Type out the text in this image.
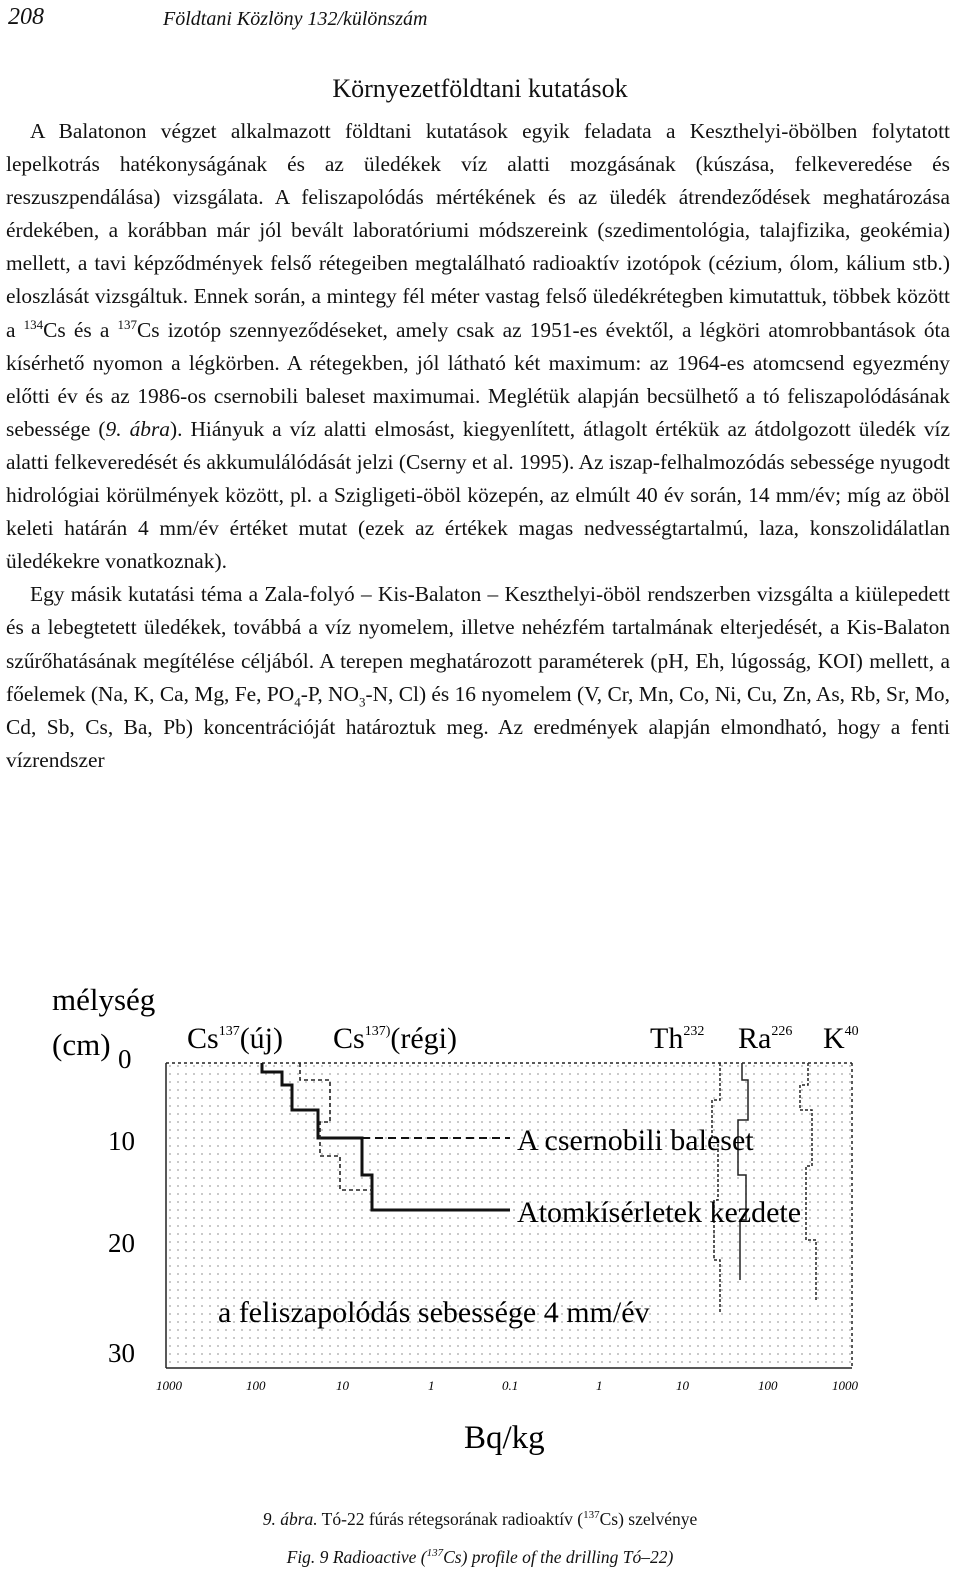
208	Földtani Közlöny 132/különszám
Környezetföldtani kutatások

A Balatonon végzet alkalmazott földtani kutatások egyik feladata a Keszthelyi-öbölben folytatott lepelkotrás hatékonyságának és az üledékek víz alatti mozgásának (kúszása, felkeveredése és reszuszpendálása) vizsgálata. A feliszapolódás mértékének és az üledék átrendeződések meghatározása érdekében, a korábban már jól bevált laboratóriumi módszereink (szedimentológia, talajfizika, geokémia) mellett, a tavi képződmények felső rétegeiben megtalálható radioaktív izotópok (cézium, ólom, kálium stb.) eloszlását vizsgáltuk. Ennek során, a mintegy fél méter vastag felső üledékrétegben kimutattuk, többek között a $^{134}$Cs és a $^{137}$Cs izotóp szennyeződéseket, amely csak az 1951-es évektől, a légköri atomrobbantások óta kísérhető nyomon a légkörben. A rétegekben, jól látható két maximum: az 1964-es atomcsend egyezmény előtti év és az 1986-os csernobili baleset maximumai. Meglétük alapján becsülhető a tó feliszapolódásának sebessége (9. ábra). Hiányuk a víz alatti elmosást, kiegyenlített, átlagolt értékük az átdolgozott üledék víz alatti felkeveredését és akkumulálódását jelzi (Cserny et al. 1995). Az iszap-felhalmozódás sebessége nyugodt hidrológiai körülmények között, pl. a Szigligeti-öböl közepén, az elmúlt 40 év során, 14 mm/év; míg az öböl keleti határán 4 mm/év értéket mutat (ezek az értékek magas nedvességtartalmú, laza, konszolidálatlan üledékekre vonatkoznak).

Egy másik kutatási téma a Zala-folyó – Kis-Balaton – Keszthelyi-öböl rendszerben vizsgálta a kiülepedett és a lebegtetett üledékek, továbbá a víz nyomelem, illetve nehézfém tartalmának elterjedését, a Kis-Balaton szűrőhatásának megítélése céljából. A terepen meghatározott paraméterek (pH, Eh, lúgosság, KOI) mellett, a főelemek (Na, K, Ca, Mg, Fe, $PO_4-P$, $NO_3-N$, Cl) és 16 nyomelem (V, Cr, Mn, Co, Ni, Cu, Zn, As, Rb, Sr, Mo, Cd, Sb, Cs, Ba, Pb) koncentrációját határoztuk meg. Az eredmények alapján elmondható, hogy a fenti vízrendszer

mélység
(cm)	Cs$^{137}$(új) Cs$^{137)}$(régi)	Th$^{232}$ Ra$^{226}$ $K^{40}$
0
10
20
30
A csernobili baleset
Atomkísérletek kezdete
a feliszapolódás sebessége 4 mm/év
1000	100	10	1	0.1	1	10	100	1000
Bq/kg
9. ábra. Tó-22 fúrás rétegsorának radioaktív ($^{137}$Cs) szelvénye
Fig. 9 Radioactive ($^{137}$Cs) profile of the drilling Tó–22)
